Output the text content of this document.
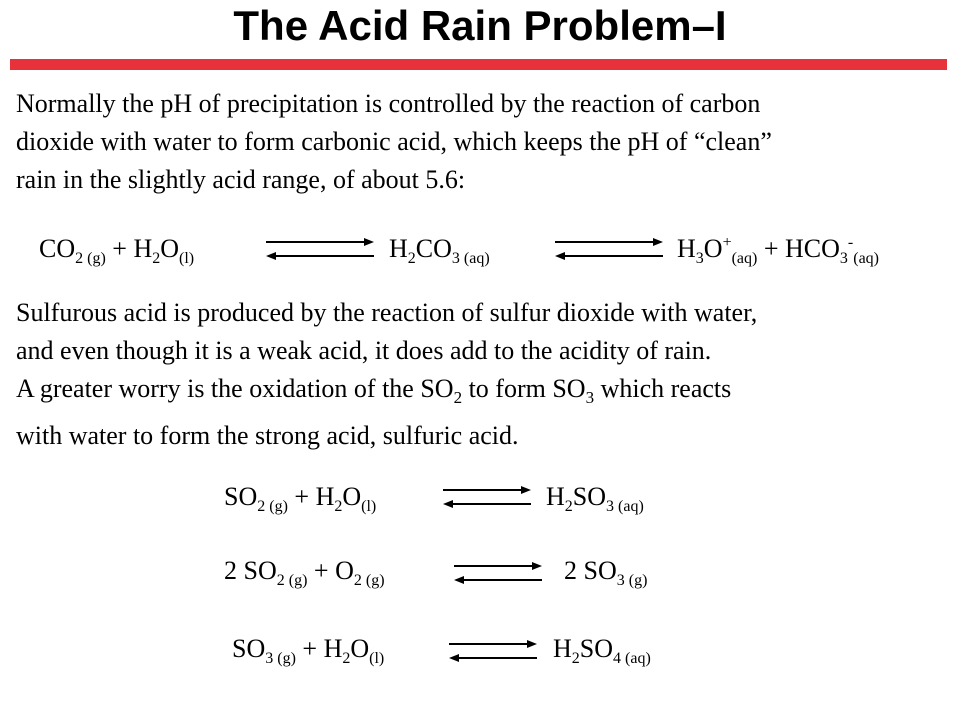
The Acid Rain Problem–I
Normally the pH of precipitation is controlled by the reaction of carbon
dioxide with water to form carbonic acid, which keeps the pH of “clean”
rain in the slightly acid range, of about 5.6:
$CO_{2 (g)} + H_2O_{(l)}$	$H_2CO_{3 (aq)}$	$H_3O^+_{(aq)} + HCO_3^-_{(aq)}$
Sulfurous acid is produced by the reaction of sulfur dioxide with water,
and even though it is a weak acid, it does add to the acidity of rain.
A greater worry is the oxidation of the $SO_2$ to form $SO_3$ which reacts
with water to form the strong acid, sulfuric acid.
$SO_{2 (g)} + H_2O_{(l)}$	$H_2SO_{3 (aq)}$
2 $SO_{2 (g)} + O_{2 (g)}$	2 $SO_{3 (g)}$
$SO_{3 (g)} + H_2O_{(l)}$	$H_2SO_{4 (aq)}$
